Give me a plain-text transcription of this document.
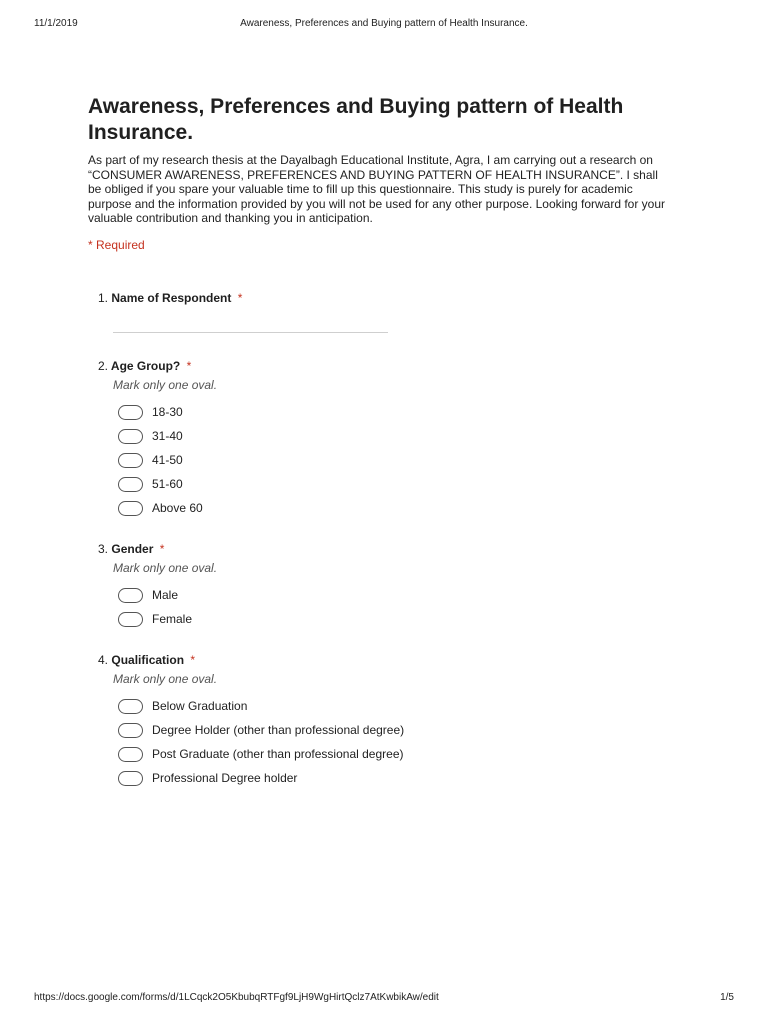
11/1/2019	Awareness, Preferences and Buying pattern of Health Insurance.
Awareness, Preferences and Buying pattern of Health Insurance.

As part of my research thesis at the Dayalbagh Educational Institute, Agra, I am carrying out a research on “CONSUMER AWARENESS, PREFERENCES AND BUYING PATTERN OF HEALTH INSURANCE”. I shall be obliged if you spare your valuable time to fill up this questionnaire. This study is purely for academic purpose and the information provided by you will not be used for any other purpose. Looking forward for your valuable contribution and thanking you in anticipation.

* Required
1. Name of Respondent *
2. Age Group? *
Mark only one oval.
18-30
31-40
41-50
51-60
Above 60
3. Gender *
Mark only one oval.
Male
Female
4. Qualification *
Mark only one oval.
Below Graduation
Degree Holder (other than professional degree)
Post Graduate (other than professional degree)
Professional Degree holder
https://docs.google.com/forms/d/1LCqck2O5KbubqRTFgf9LjH9WgHirtQclz7AtKwbikAw/edit	1/5
